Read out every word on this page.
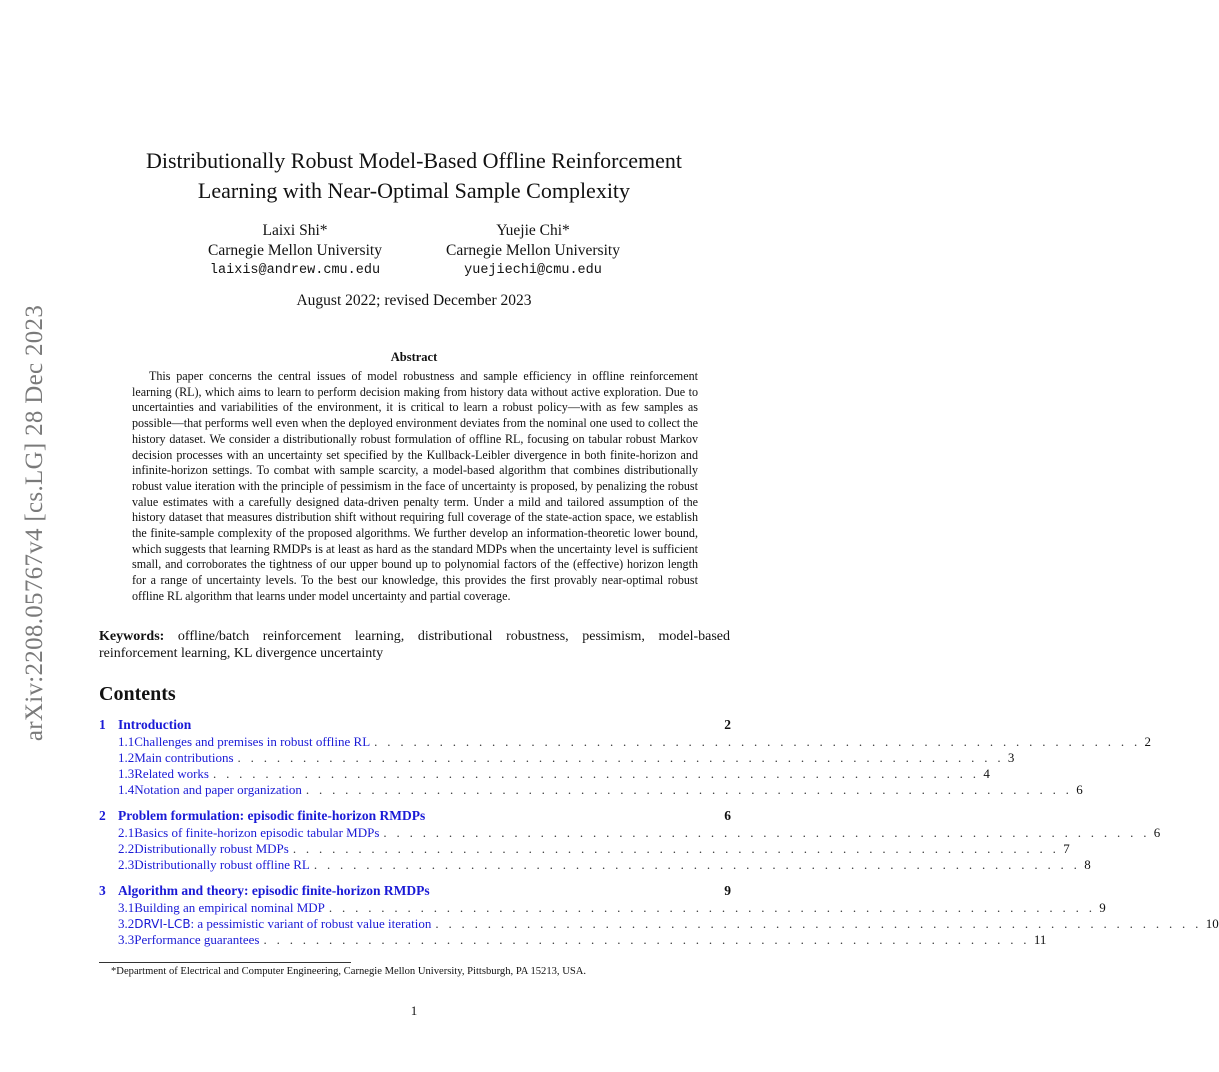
arXiv:2208.05767v4 [cs.LG] 28 Dec 2023
Distributionally Robust Model-Based Offline Reinforcement
Learning with Near-Optimal Sample Complexity
Laixi Shi*
Carnegie Mellon University
laixis@andrew.cmu.edu
Yuejie Chi*
Carnegie Mellon University
yuejiechi@cmu.edu
August 2022; revised December 2023
Abstract

This paper concerns the central issues of model robustness and sample efficiency in offline reinforcement learning (RL), which aims to learn to perform decision making from history data without active exploration. Due to uncertainties and variabilities of the environment, it is critical to learn a robust policy—with as few samples as possible—that performs well even when the deployed environment deviates from the nominal one used to collect the history dataset. We consider a distributionally robust formulation of offline RL, focusing on tabular robust Markov decision processes with an uncertainty set specified by the Kullback-Leibler divergence in both finite-horizon and infinite-horizon settings. To combat with sample scarcity, a model-based algorithm that combines distributionally robust value iteration with the principle of pessimism in the face of uncertainty is proposed, by penalizing the robust value estimates with a carefully designed data-driven penalty term. Under a mild and tailored assumption of the history dataset that measures distribution shift without requiring full coverage of the state-action space, we establish the finite-sample complexity of the proposed algorithms. We further develop an information-theoretic lower bound, which suggests that learning RMDPs is at least as hard as the standard MDPs when the uncertainty level is sufficient small, and corroborates the tightness of our upper bound up to polynomial factors of the (effective) horizon length for a range of uncertainty levels. To the best our knowledge, this provides the first provably near-optimal robust offline RL algorithm that learns under model uncertainty and partial coverage.

Keywords: offline/batch reinforcement learning, distributional robustness, pessimism, model-based reinforcement learning, KL divergence uncertainty

Contents
1 Introduction	2
1.1 Challenges and premises in robust offline RL . . . . . . . . . . . . . . . . . . . . . . . . . . . . . . . . . . . . . . . . . . . . . . . . . . . . . . . . . . . 2
1.2 Main contributions . . . . . . . . . . . . . . . . . . . . . . . . . . . . . . . . . . . . . . . . . . . . . . . . . . . . . . . . . . . 3
1.3 Related works . . . . . . . . . . . . . . . . . . . . . . . . . . . . . . . . . . . . . . . . . . . . . . . . . . . . . . . . . . . 4
1.4 Notation and paper organization . . . . . . . . . . . . . . . . . . . . . . . . . . . . . . . . . . . . . . . . . . . . . . . . . . . . . . . . . . . 6
2 Problem formulation: episodic finite-horizon RMDPs	6
2.1 Basics of finite-horizon episodic tabular MDPs . . . . . . . . . . . . . . . . . . . . . . . . . . . . . . . . . . . . . . . . . . . . . . . . . . . . . . . . . . . 6
2.2 Distributionally robust MDPs . . . . . . . . . . . . . . . . . . . . . . . . . . . . . . . . . . . . . . . . . . . . . . . . . . . . . . . . . . . 7
2.3 Distributionally robust offline RL . . . . . . . . . . . . . . . . . . . . . . . . . . . . . . . . . . . . . . . . . . . . . . . . . . . . . . . . . . . 8
3 Algorithm and theory: episodic finite-horizon RMDPs	9
3.1 Building an empirical nominal MDP . . . . . . . . . . . . . . . . . . . . . . . . . . . . . . . . . . . . . . . . . . . . . . . . . . . . . . . . . . . 9
3.2 DRVI-LCB : a pessimistic variant of robust value iteration . . . . . . . . . . . . . . . . . . . . . . . . . . . . . . . . . . . . . . . . . . . . . . . . . . . . . . . . . . . 10
3.3 Performance guarantees . . . . . . . . . . . . . . . . . . . . . . . . . . . . . . . . . . . . . . . . . . . . . . . . . . . . . . . . . . . 11
*Department of Electrical and Computer Engineering, Carnegie Mellon University, Pittsburgh, PA 15213, USA.
1
